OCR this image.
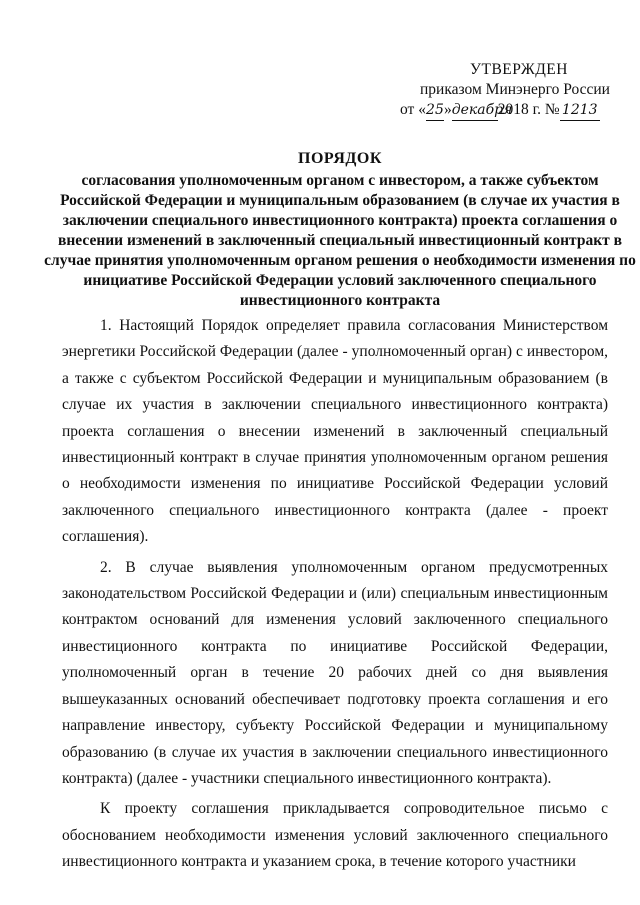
УТВЕРЖДЕН
приказом Минэнерго России
от «25»декабря2018 г. № 1213
ПОРЯДОК
согласования уполномоченным органом с инвестором, а также субъектом Российской Федерации и муниципальным образованием (в случае их участия в заключении специального инвестиционного контракта) проекта соглашения о внесении изменений в заключенный специальный инвестиционный контракт в случае принятия уполномоченным органом решения о необходимости изменения по инициативе Российской Федерации условий заключенного специального инвестиционного контракта

1. Настоящий Порядок определяет правила согласования Министерством энергетики Российской Федерации (далее - уполномоченный орган) с инвестором, а также с субъектом Российской Федерации и муниципальным образованием (в случае их участия в заключении специального инвестиционного контракта) проекта соглашения о внесении изменений в заключенный специальный инвестиционный контракт в случае принятия уполномоченным органом решения о необходимости изменения по инициативе Российской Федерации условий заключенного специального инвестиционного контракта (далее - проект соглашения).

2. В случае выявления уполномоченным органом предусмотренных законодательством Российской Федерации и (или) специальным инвестиционным контрактом оснований для изменения условий заключенного специального инвестиционного контракта по инициативе Российской Федерации, уполномоченный орган в течение 20 рабочих дней со дня выявления вышеуказанных оснований обеспечивает подготовку проекта соглашения и его направление инвестору, субъекту Российской Федерации и муниципальному образованию (в случае их участия в заключении специального инвестиционного контракта) (далее - участники специального инвестиционного контракта).

К проекту соглашения прикладывается сопроводительное письмо с обоснованием необходимости изменения условий заключенного специального инвестиционного контракта и указанием срока, в течение которого участники
